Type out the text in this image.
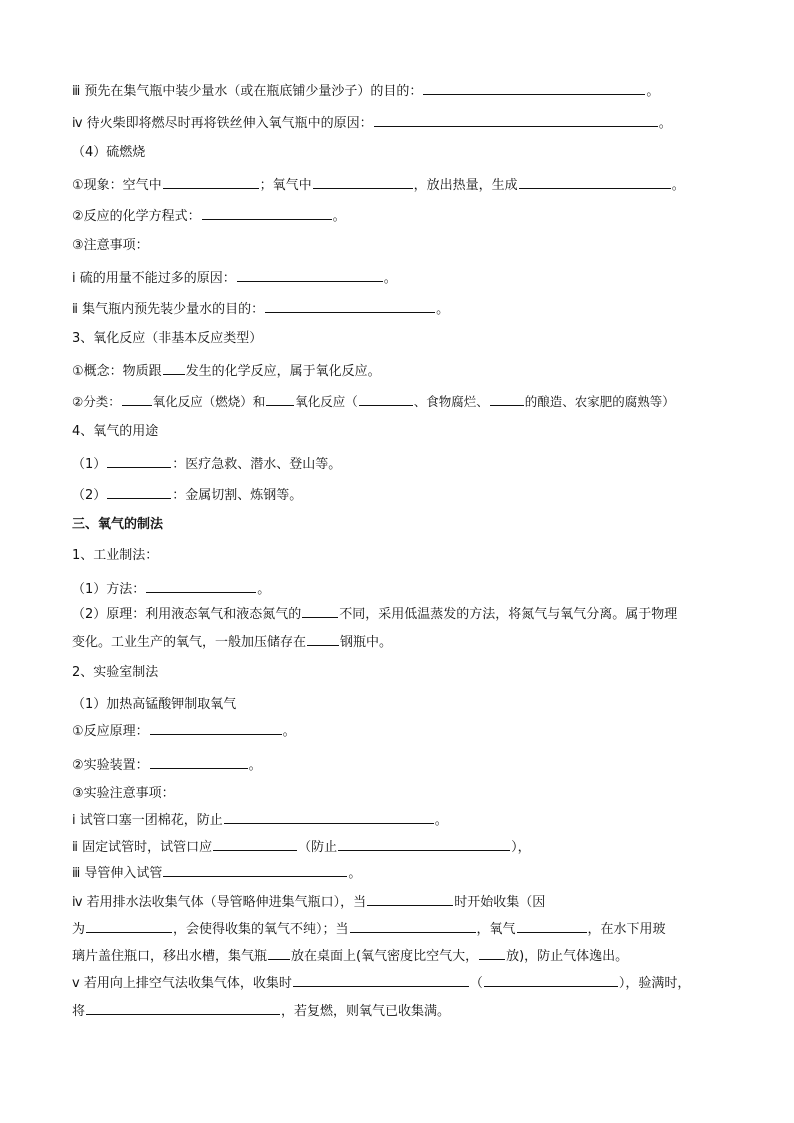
ⅲ 预先在集气瓶中装少量水（或在瓶底铺少量沙子）的目的：	。
ⅳ 待火柴即将燃尽时再将铁丝伸入氧气瓶中的原因：	。
（4）硫燃烧
①现象：空气中	；氧气中	，放出热量，生成	。
②反应的化学方程式：	。
③注意事项：
ⅰ 硫的用量不能过多的原因：	。
ⅱ 集气瓶内预先装少量水的目的：	。
3、氧化反应（非基本反应类型）
①概念：物质跟 发生的化学反应，属于氧化反应。
②分类：	氧化反应（燃烧）和 氧化反应（	、食物腐烂、	的酿造、农家肥的腐熟等）
4、氧气的用途
（1）	：医疗急救、潜水、登山等。
（2）	：金属切割、炼钢等。
三、氧气的制法
1、工业制法：
（1）方法：	。
（2）原理：利用液态氧气和液态氮气的	不同，采用低温蒸发的方法，将氮气与氧气分离。属于物理
变化。工业生产的氧气，一般加压储存在	钢瓶中。
2、实验室制法
（1）加热高锰酸钾制取氧气
①反应原理：	。
②实验装置：	。
③实验注意事项：
ⅰ 试管口塞一团棉花，防止	。
ⅱ 固定试管时，试管口应	（防止	），
ⅲ 导管伸入试管	。
ⅳ 若用排水法收集气体（导管略伸进集气瓶口），当	时开始收集（因
为	，会使得收集的氧气不纯）；当	，氧气	，在水下用玻
璃片盖住瓶口，移出水槽，集气瓶 放在桌面上(氧气密度比空气大， 放)，防止气体逸出。
ⅴ 若用向上排空气法收集气体，收集时	（	），验满时，
将	，若复燃，则氧气已收集满。
